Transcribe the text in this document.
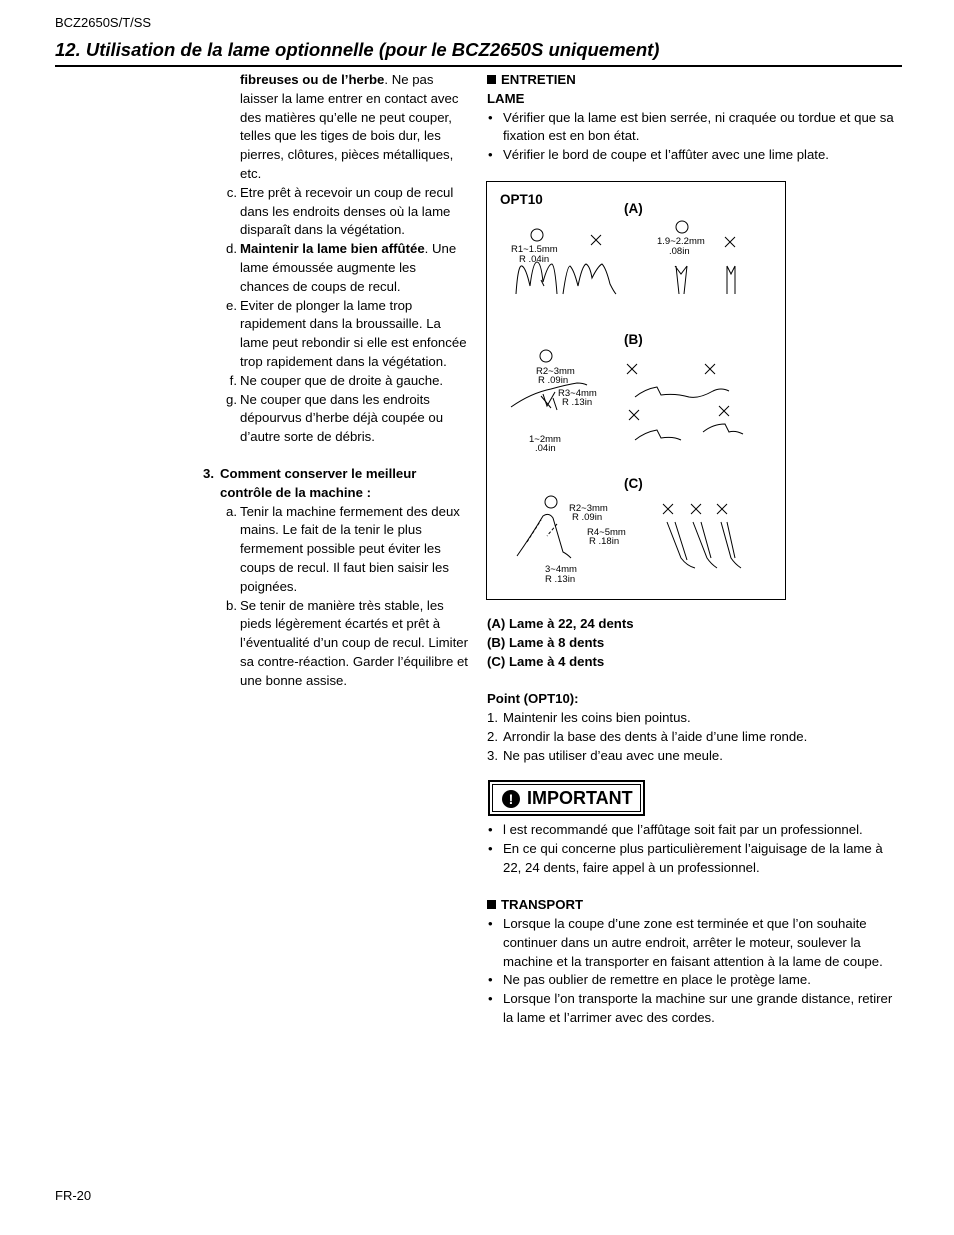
BCZ2650S/T/SS
12. Utilisation de la lame optionnelle (pour le BCZ2650S uniquement)

fibreuses ou de l’herbe. Ne pas laisser la lame entrer en contact avec des matières qu’elle ne peut couper, telles que les tiges de bois dur, les pierres, clôtures, pièces métalliques, etc.

c. Etre prêt à recevoir un coup de recul dans les endroits denses où la lame disparaît dans la végétation.
d. Maintenir la lame bien affûtée. Une lame émoussée augmente les chances de coups de recul.
e. Eviter de plonger la lame trop rapidement dans la broussaille. La lame peut rebondir si elle est enfoncée trop rapidement dans la végétation.
f. Ne couper que de droite à gauche.
g. Ne couper que dans les endroits dépourvus d’herbe déjà coupée ou d’autre sorte de débris.
3. Comment conserver le meilleur contrôle de la machine :
a. Tenir la machine fermement des deux mains. Le fait de la tenir le plus fermement possible peut éviter les coups de recul. Il faut bien saisir les poignées.
b. Se tenir de manière très stable, les pieds légèrement écartés et prêt à l’éventualité d’un coup de recul. Limiter sa contre-réaction. Garder l’équilibre et une bonne assise.
ENTRETIEN
LAME
• Vérifier que la lame est bien serrée, ni craquée ou tordue et que sa fixation est en bon état.
• Vérifier le bord de coupe et l’affûter avec une lime plate.
OPT10
(A)
(B)
(C)
R1~1.5mm
R .04in
1.9~2.2mm
.08in
R2~3mm
R .09in
R3~4mm
R .13in
1~2mm
.04in
R2~3mm
R .09in
R4~5mm
R .18in
3~4mm
R .13in
(A) Lame à 22, 24 dents
(B) Lame à 8 dents
(C) Lame à 4 dents
Point (OPT10):
1. Maintenir les coins bien pointus.
2. Arrondir la base des dents à l’aide d’une lime ronde.
3. Ne pas utiliser d’eau avec une meule.
! IMPORTANT
• l est recommandé que l’affûtage soit fait par un professionnel.
• En ce qui concerne plus particulièrement l’aiguisage de la lame à 22, 24 dents, faire appel à un professionnel.
TRANSPORT
• Lorsque la coupe d’une zone est terminée et que l’on souhaite continuer dans un autre endroit, arrêter le moteur, soulever la machine et la transporter en faisant attention à la lame de coupe.
• Ne pas oublier de remettre en place le protège lame.
• Lorsque l’on transporte la machine sur une grande distance, retirer la lame et l’arrimer avec des cordes.
FR-20
